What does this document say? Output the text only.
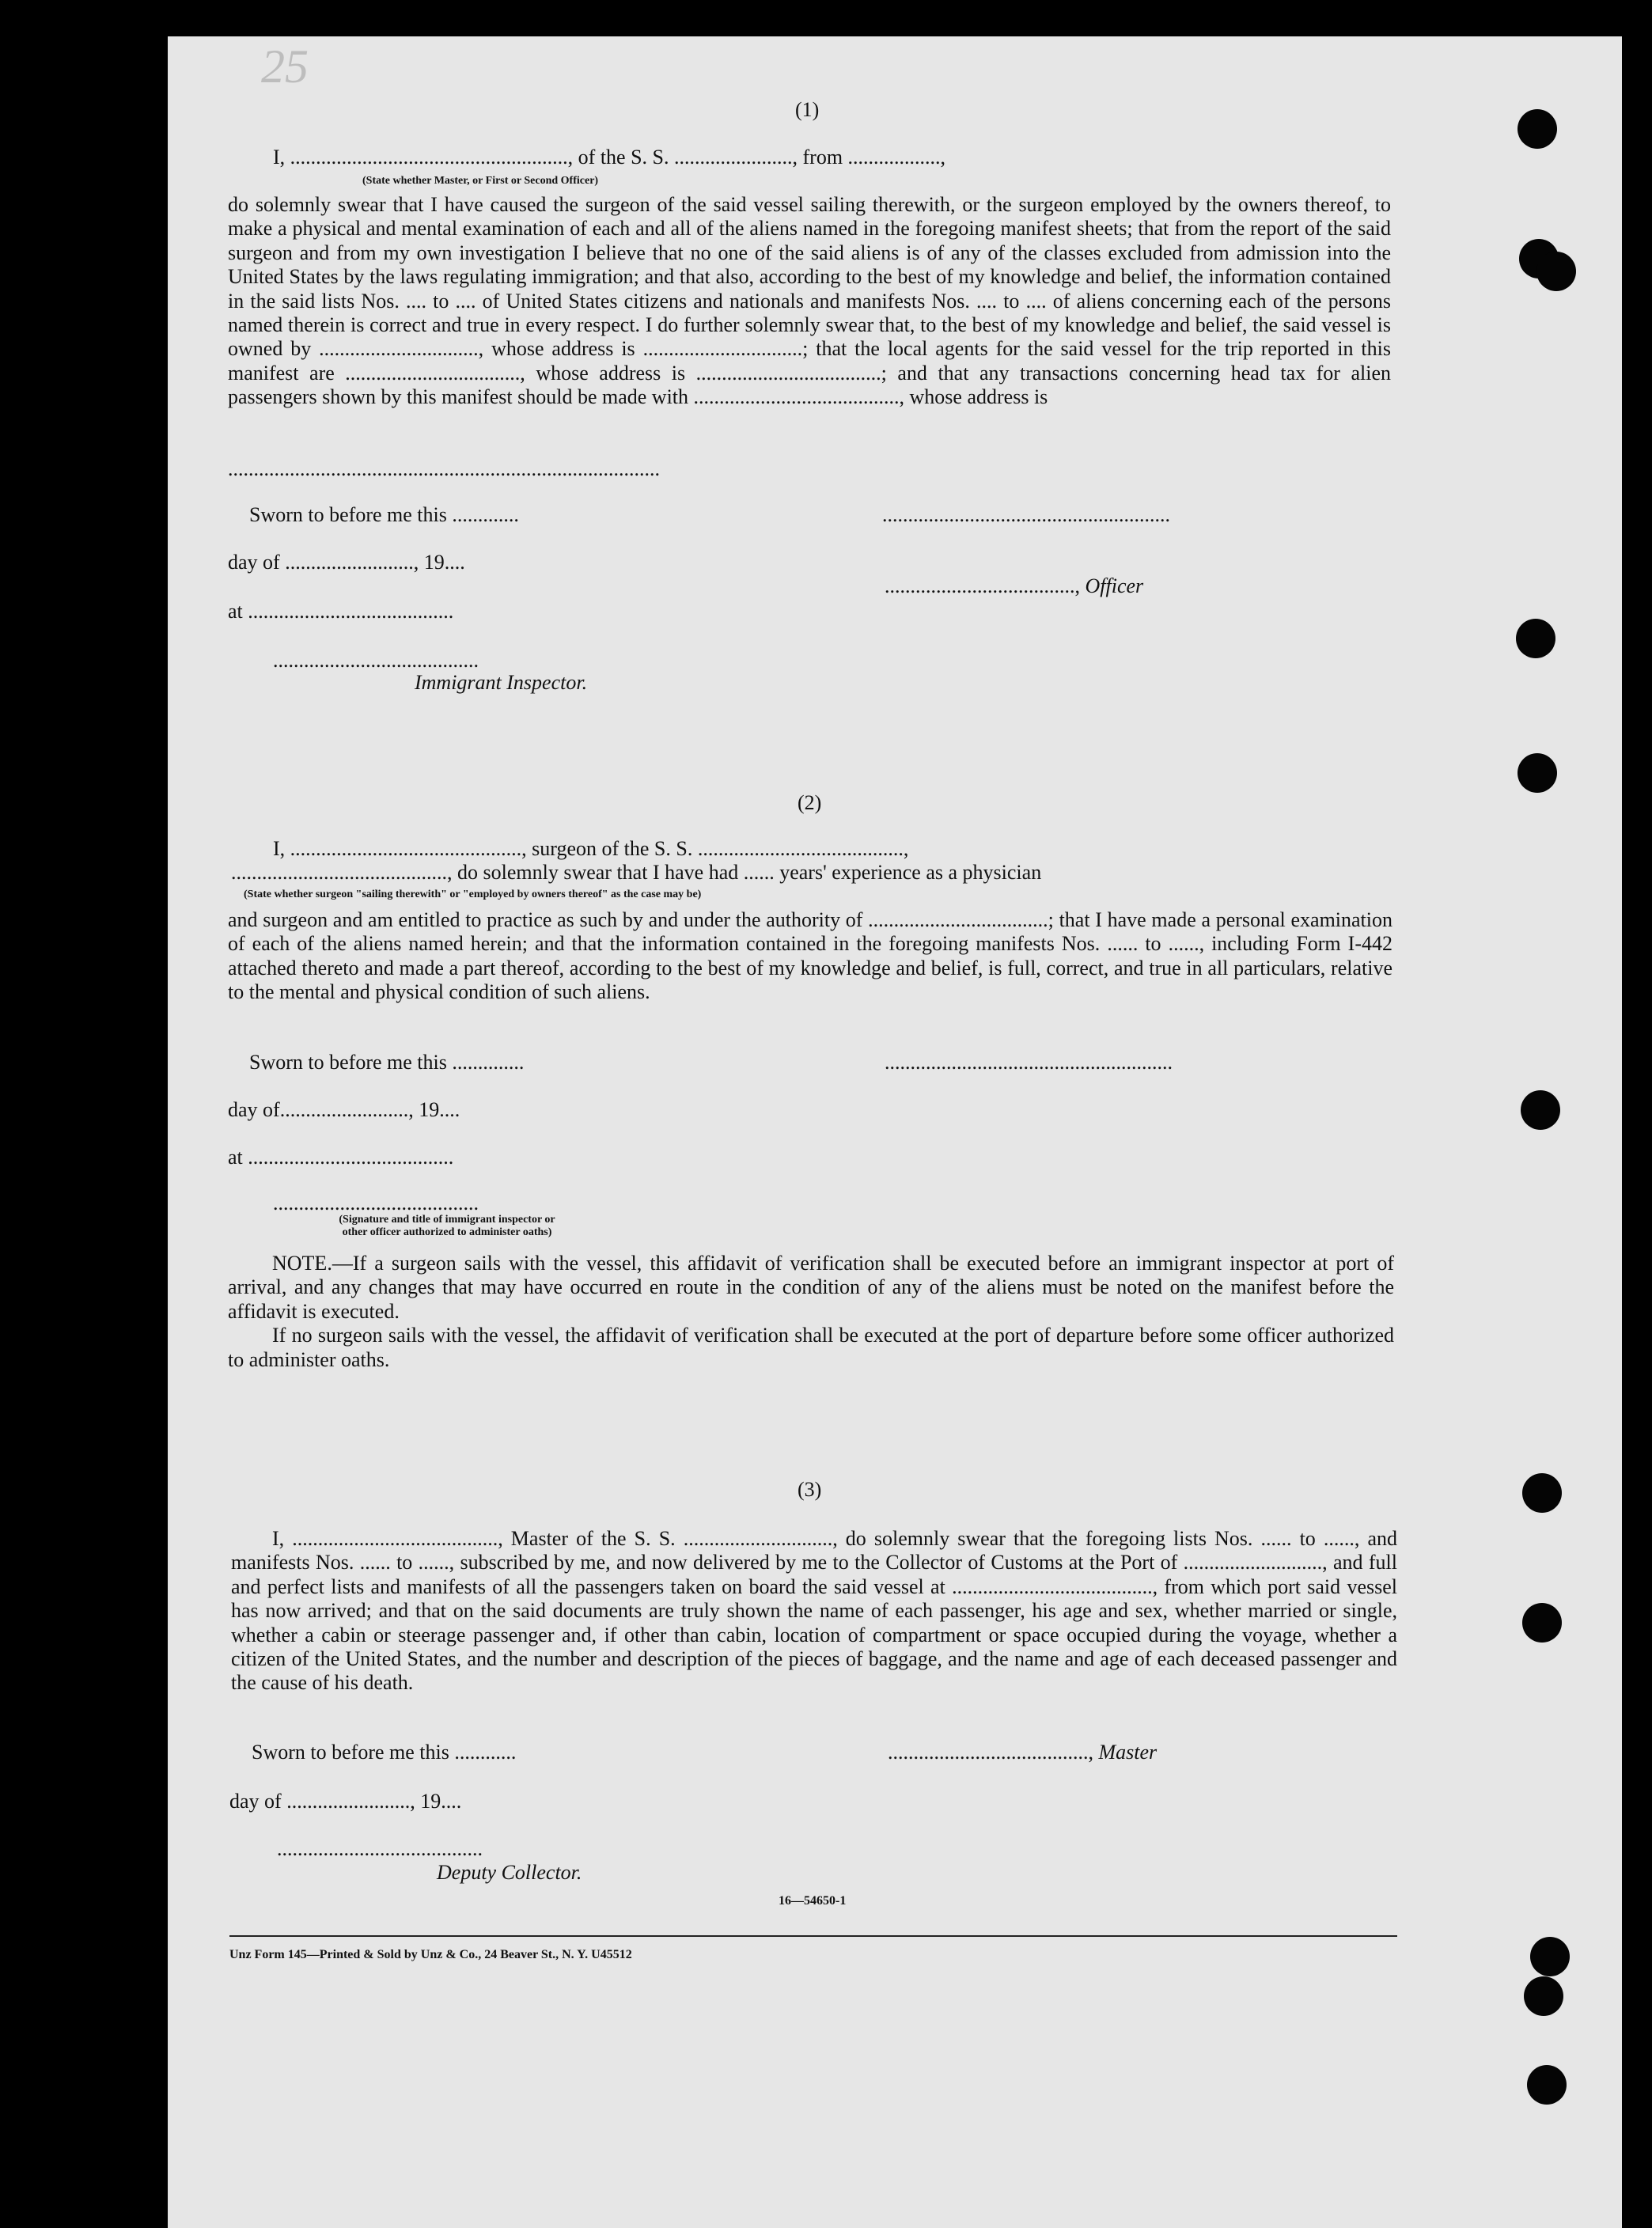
25
(1)
I, ......................................................, of the S. S. ......................., from ..................,
(State whether Master, or First or Second Officer)
do solemnly swear that I have caused the surgeon of the said vessel sailing therewith, or the surgeon employed by the owners thereof, to make a physical and mental examination of each and all of the aliens named in the foregoing manifest sheets; that from the report of the said surgeon and from my own investigation I believe that no one of the said aliens is of any of the classes excluded from admission into the United States by the laws regulating immigration; and that also, according to the best of my knowledge and belief, the information contained in the said lists Nos. .... to .... of United States citizens and nationals and manifests Nos. .... to .... of aliens concerning each of the persons named therein is correct and true in every respect. I do further solemnly swear that, to the best of my knowledge and belief, the said vessel is owned by ..............................., whose address is ...............................; that the local agents for the said vessel for the trip reported in this manifest are .................................., whose address is ....................................; and that any transactions concerning head tax for alien passengers shown by this manifest should be made with ........................................, whose address is
....................................................................................
Sworn to before me this .............	........................................................
day of ........................., 19....
....................................., Officer
at ........................................
........................................
Immigrant Inspector.
(2)
I, ............................................., surgeon of the S. S. ........................................,
.........................................., do solemnly swear that I have had ...... years' experience as a physician
(State whether surgeon "sailing therewith" or "employed by owners thereof" as the case may be)
and surgeon and am entitled to practice as such by and under the authority of ...................................; that I have made a personal examination of each of the aliens named herein; and that the information contained in the foregoing manifests Nos. ...... to ......, including Form I-442 attached thereto and made a part thereof, according to the best of my knowledge and belief, is full, correct, and true in all particulars, relative to the mental and physical condition of such aliens.
Sworn to before me this ..............	........................................................
day of........................., 19....
at ........................................
........................................
(Signature and title of immigrant inspector or
other officer authorized to administer oaths)

NOTE.—If a surgeon sails with the vessel, this affidavit of verification shall be executed before an immigrant inspector at port of arrival, and any changes that may have occurred en route in the condition of any of the aliens must be noted on the manifest before the affidavit is executed.

If no surgeon sails with the vessel, the affidavit of verification shall be executed at the port of departure before some officer authorized to administer oaths.

(3)
I, ........................................, Master of the S. S. ............................., do solemnly swear that the foregoing lists Nos. ...... to ......, and manifests Nos. ...... to ......, subscribed by me, and now delivered by me to the Collector of Customs at the Port of ..........................., and full and perfect lists and manifests of all the passengers taken on board the said vessel at ......................................., from which port said vessel has now arrived; and that on the said documents are truly shown the name of each passenger, his age and sex, whether married or single, whether a cabin or steerage passenger and, if other than cabin, location of compartment or space occupied during the voyage, whether a citizen of the United States, and the number and description of the pieces of baggage, and the name and age of each deceased passenger and the cause of his death.
Sworn to before me this ............	......................................., Master
day of ........................, 19....
........................................
Deputy Collector.
16—54650-1
Unz Form 145—Printed & Sold by Unz & Co., 24 Beaver St., N. Y. U45512
